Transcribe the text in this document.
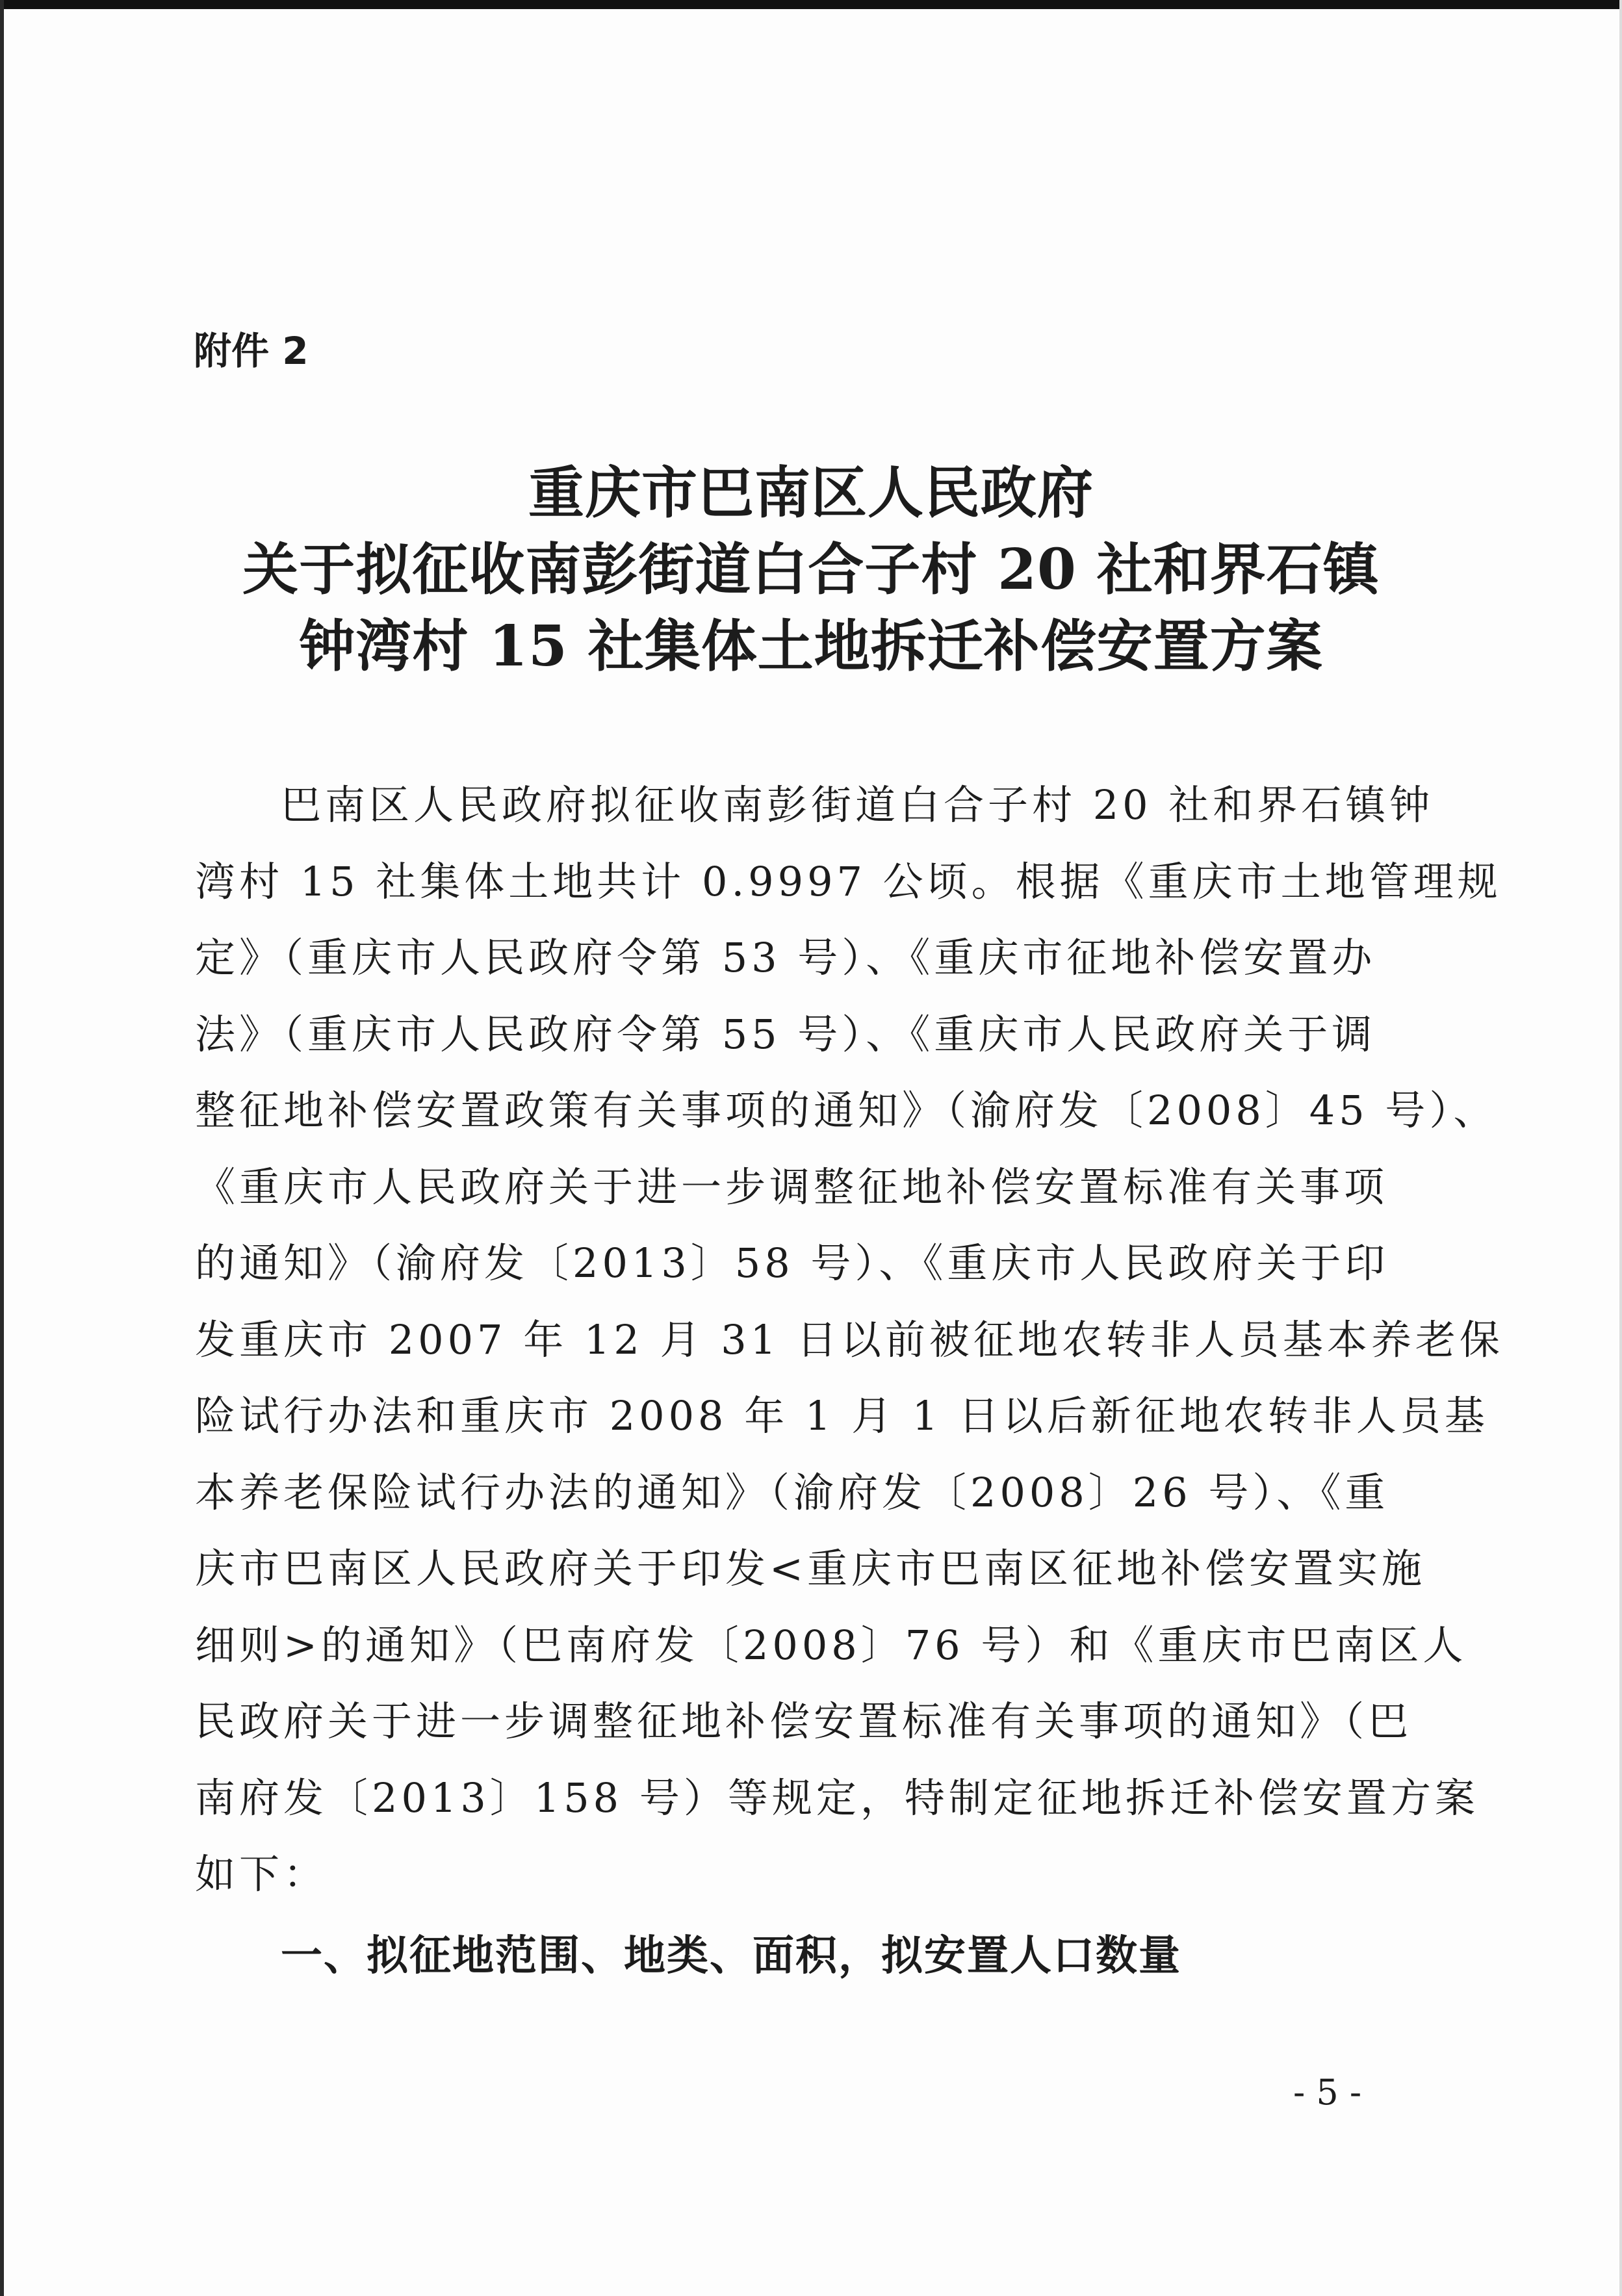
附件 2
重庆市巴南区人民政府
关于拟征收南彭街道白合子村 20 社和界石镇
钟湾村 15 社集体土地拆迁补偿安置方案
巴南区人民政府拟征收南彭街道白合子村 20 社和界石镇钟
湾村 15 社集体土地共计 0.9997 公顷。根据《重庆市土地管理规
定》（重庆市人民政府令第 53 号）、《重庆市征地补偿安置办
法》（重庆市人民政府令第 55 号）、《重庆市人民政府关于调
整征地补偿安置政策有关事项的通知》（渝府发〔2008〕45 号）、
《重庆市人民政府关于进一步调整征地补偿安置标准有关事项
的通知》（渝府发〔2013〕58 号）、《重庆市人民政府关于印
发重庆市 2007 年 12 月 31 日以前被征地农转非人员基本养老保
险试行办法和重庆市 2008 年 1 月 1 日以后新征地农转非人员基
本养老保险试行办法的通知》（渝府发〔2008〕26 号）、《重
庆市巴南区人民政府关于印发<重庆市巴南区征地补偿安置实施
细则>的通知》（巴南府发〔2008〕76 号）和《重庆市巴南区人
民政府关于进一步调整征地补偿安置标准有关事项的通知》（巴
南府发〔2013〕158 号）等规定，特制定征地拆迁补偿安置方案
如下：
一、拟征地范围、地类、面积，拟安置人口数量
- 5 -
